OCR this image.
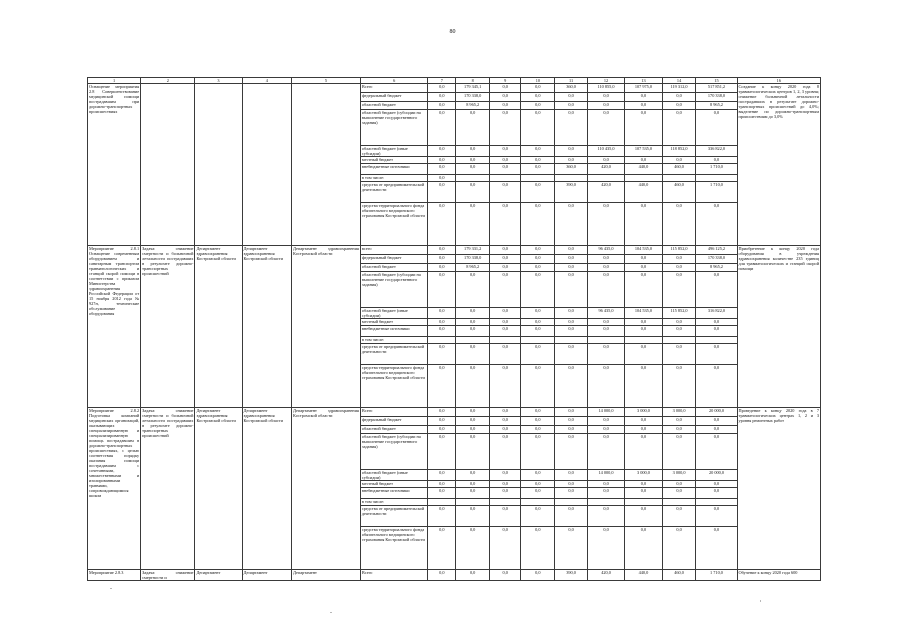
80
1	2	3	4	5	6	7	8	9	10	11	12	13	14	15	16
Оснащение мероприятия 2.8 Совершенствование медицинской помощи пострадавшим при дорожно-транспортных происшествиях					Всего	0,0	179 345,1	0,0	0,0	360,0	110 855,0	107 975,0	119 312,0	517 851,2	Создание к концу 2020 года 8 травматологических центров 1, 2, 3 уровня; снижение больничной летальности пострадавших в результате дорожно-транспортных происшествий до 4,0%; выделение по дорожно-транспортным происшествиям до 3,0%
					федеральный бюджет	0,0	170 338,0	0,0	0,0	0,0	0,0	0,0	0,0	170 338,0	
					областной бюджет	0,0	8 965,2	0,0	0,0	0,0	0,0	0,0	0,0	8 965,2	
					областной бюджет (субсидии на выполнение государственного задания)	0,0	0,0	0,0	0,0	0,0	0,0	0,0	0,0	0,0	
					областной бюджет (иные субсидии)	0,0	0,0	0,0	0,0	0,0	110 435,0	107 535,0	118 852,0	336 822,0	
					местный бюджет	0,0	0,0	0,0	0,0	0,0	0,0	0,0	0,0	0,0	
					внебюджетные источники	0,0	0,0	0,0	0,0	360,0	420,0	440,0	460,0	1 710,0	
					в том числе:	0,0									
					средства от предпринимательской деятельности	0,0	0,0	0,0	0,0	390,0	420,0	440,0	460,0	1 710,0	
					средства территориального фонда обязательного медицинского страхования Костромской области	0,0	0,0	0,0	0,0	0,0	0,0	0,0	0,0	0,0	
Мероприятие 2.8.1 Оснащение современным оборудованием и санитарным транспортом травматологических и станций скорой помощи в соответствии с приказом Министерства здравоохранения Российской Федерации от 15 ноября 2012 года № 927н, технические обслуживание оборудования	Задача: снижение смертности и больничной летальности пострадавших в результате дорожно-транспортных происшествий	Департамент здравоохранения Костромской области	Департамент здравоохранения Костромской области	Департамент здравоохранения Костромской области	всего	0,0	179 331,2	0,0	0,0	0,0	96 435,0	104 535,0	115 852,0	496 125,2	Приобретение к концу 2020 года оборудования в учреждения здравоохранения количестве 235 единиц для травматологических и станций скорой помощи
					федеральный бюджет	0,0	170 338,0	0,0	0,0	0,0	0,0	0,0	0,0	170 338,0	
					областной бюджет	0,0	8 965,2	0,0	0,0	0,0	0,0	0,0	0,0	8 965,2	
					областной бюджет (субсидии на выполнение государственного задания)	0,0	0,0	0,0	0,0	0,0	0,0	0,0	0,0	0,0	
					областной бюджет (иные субсидии)	0,0	0,0	0,0	0,0	0,0	96 435,0	104 535,0	115 852,0	316 822,0	
					местный бюджет	0,0	0,0	0,0	0,0	0,0	0,0	0,0	0,0	0,0	
					внебюджетные источники	0,0	0,0	0,0	0,0	0,0	0,0	0,0	0,0	0,0	
					в том числе:										
					средства от предпринимательской деятельности	0,0	0,0	0,0	0,0	0,0	0,0	0,0	0,0	0,0	
					средства территориального фонда обязательного медицинского страхования Костромской области	0,0	0,0	0,0	0,0	0,0	0,0	0,0	0,0	0,0	
Мероприятие 2.8.2 Подготовка компаний медицинских организаций, оказывающих специализированную и специализированную помощь пострадавшим в дорожно-транспортных происшествиях, с целью соответствия порядку оказания помощи пострадавшим с сочетанными, множественными и изолированными травмами, сопровождающимися шоком	Задача: снижение смертности и больничной летальности пострадавших в результате дорожно-транспортных происшествий	Департамент здравоохранения Костромской области	Департамент здравоохранения Костромской области	Департамент здравоохранения Костромской области	Всего	0,0	0,0	0,0	0,0	0,0	14 000,0	3 000,0	3 000,0	20 000,0	Проведение к концу 2020 года в 7 травматологических центрах 1, 2 и 3 уровня ремонтных работ
					федеральный бюджет	0,0	0,0	0,0	0,0	0,0	0,0	0,0	0,0	0,0	
					областной бюджет	0,0	0,0	0,0	0,0	0,0	0,0	0,0	0,0	0,0	
					областной бюджет (субсидии на выполнение государственного задания)	0,0	0,0	0,0	0,0	0,0	0,0	0,0	0,0	0,0	
					областной бюджет (иные субсидии)	0,0	0,0	0,0	0,0	0,0	14 000,0	3 000,0	3 000,0	20 000,0	
					местный бюджет	0,0	0,0	0,0	0,0	0,0	0,0	0,0	0,0	0,0	
					внебюджетные источники	0,0	0,0	0,0	0,0	0,0	0,0	0,0	0,0	0,0	
					в том числе:										
					средства от предпринимательской деятельности	0,0	0,0	0,0	0,0	0,0	0,0	0,0	0,0	0,0	
					средства территориального фонда обязательного медицинского страхования Костромской области	0,0	0,0	0,0	0,0	0,0	0,0	0,0	0,0	0,0	
Мероприятие 2.8.3	Задача: снижение смертности и	Департамент	Департамент	Департамент	Всего	0,0	0,0	0,0	0,0	390,0	420,0	440,0	460,0	1 710,0	Обучение к концу 2020 года 600
